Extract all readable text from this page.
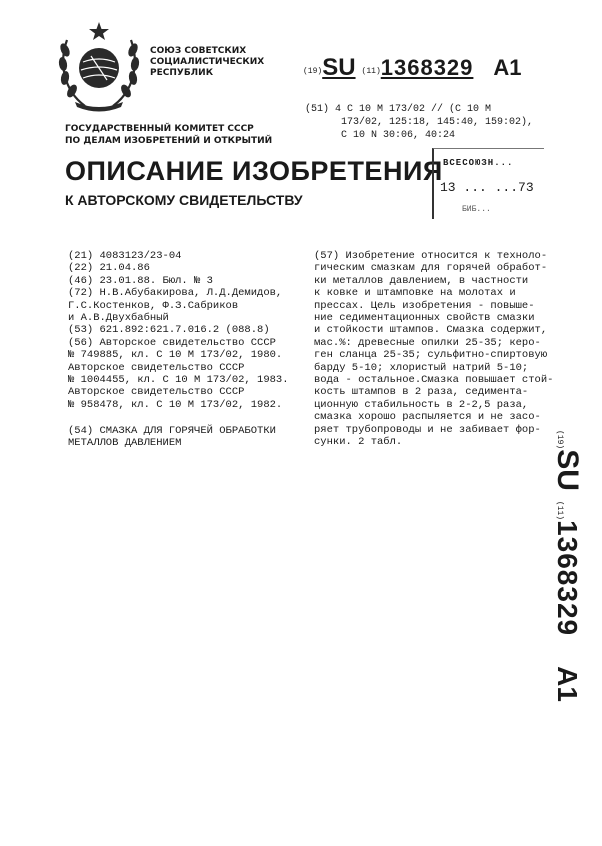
СОЮЗ СОВЕТСКИХ
СОЦИАЛИСТИЧЕСКИХ
РЕСПУБЛИК	(19)SU (11)1368329 A1
(51) 4 С 10 М 173/02 // (С 10 М
173/02, 125:18, 145:40, 159:02),
С 10 N 30:06, 40:24
ГОСУДАРСТВЕННЫЙ КОМИТЕТ СССР
ПО ДЕЛАМ ИЗОБРЕТЕНИЙ И ОТКРЫТИЙ
ОПИСАНИЕ ИЗОБРЕТЕНИЯ
К АВТОРСКОМУ СВИДЕТЕЛЬСТВУ
ВСЕСОЮЗН...
13 ... ...73
БИБ...
(21) 4083123/23-04
(22) 21.04.86
(46) 23.01.88. Бюл. № 3
(72) Н.В.Абубакирова, Л.Д.Демидов,
Г.С.Костенков, Ф.З.Сабриков
и А.В.Двухбабный
(53) 621.892:621.7.016.2 (088.8)
(56) Авторское свидетельство СССР
№ 749885, кл. С 10 М 173/02, 1980.
Авторское свидетельство СССР
№ 1004455, кл. С 10 М 173/02, 1983.
Авторское свидетельство СССР
№ 958478, кл. С 10 М 173/02, 1982.
(54) СМАЗКА ДЛЯ ГОРЯЧЕЙ ОБРАБОТКИ
МЕТАЛЛОВ ДАВЛЕНИЕМ
(57) Изобретение относится к техноло-
гическим смазкам для горячей обработ-
ки металлов давлением, в частности
к ковке и штамповке на молотах и
прессах. Цель изобретения - повыше-
ние седиментационных свойств смазки
и стойкости штампов. Смазка содержит,
мас.%: древесные опилки 25-35; керо-
ген сланца 25-35; сульфитно-спиртовую
барду 5-10; хлористый натрий 5-10;
вода - остальное.Смазка повышает стой-
кость штампов в 2 раза, седимента-
ционную стабильность в 2-2,5 раза,
смазка хорошо распыляется и не засо-
ряет трубопроводы и не забивает фор-
сунки. 2 табл.	(19)SU(11)1368329A1
